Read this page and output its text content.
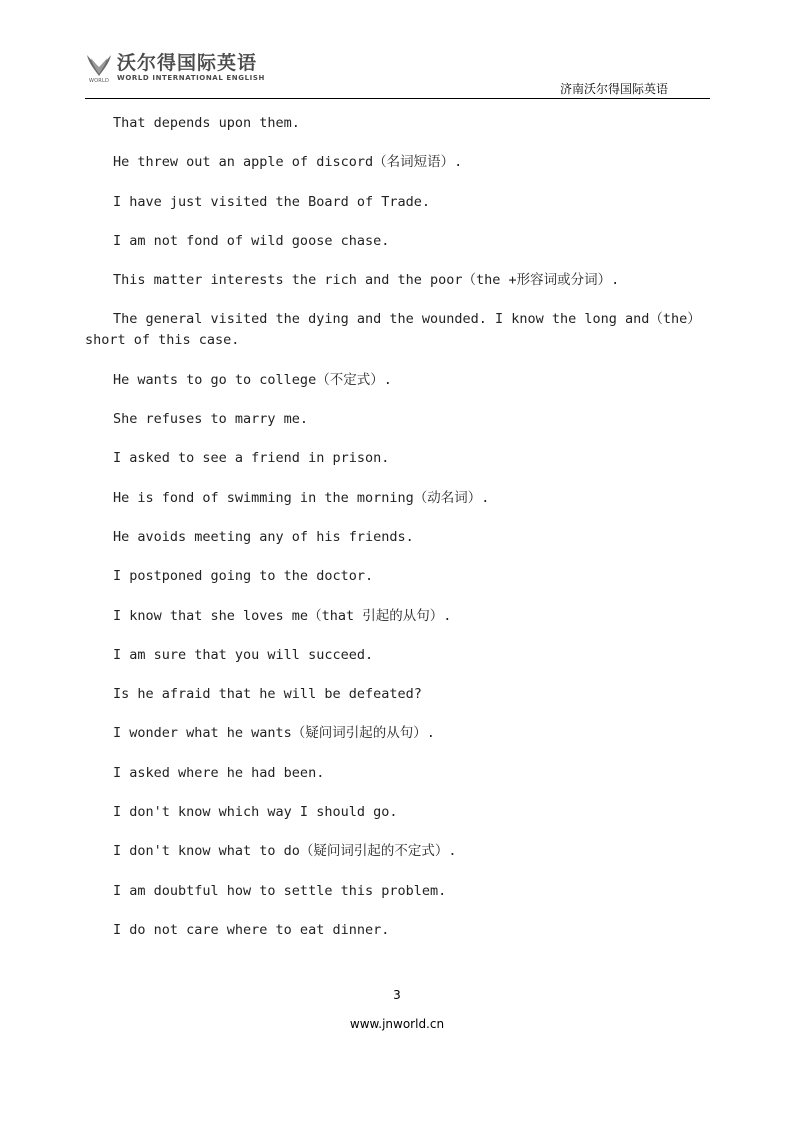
WORLD
沃尔得国际英语
WORLD INTERNATIONAL ENGLISH
济南沃尔得国际英语

That depends upon them.

He threw out an apple of discord（名词短语）.

I have just visited the Board of Trade.

I am not fond of wild goose chase.

This matter interests the rich and the poor（the +形容词或分词）.

The general visited the dying and the wounded. I know the long and（the） short of this case.

He wants to go to college（不定式）.

She refuses to marry me.

I asked to see a friend in prison.

He is fond of swimming in the morning（动名词）.

He avoids meeting any of his friends.

I postponed going to the doctor.

I know that she loves me（that 引起的从句）.

I am sure that you will succeed.

Is he afraid that he will be defeated?

I wonder what he wants（疑问词引起的从句）.

I asked where he had been.

I don't know which way I should go.

I don't know what to do（疑问词引起的不定式）.

I am doubtful how to settle this problem.

I do not care where to eat dinner.

3
www.jnworld.cn
